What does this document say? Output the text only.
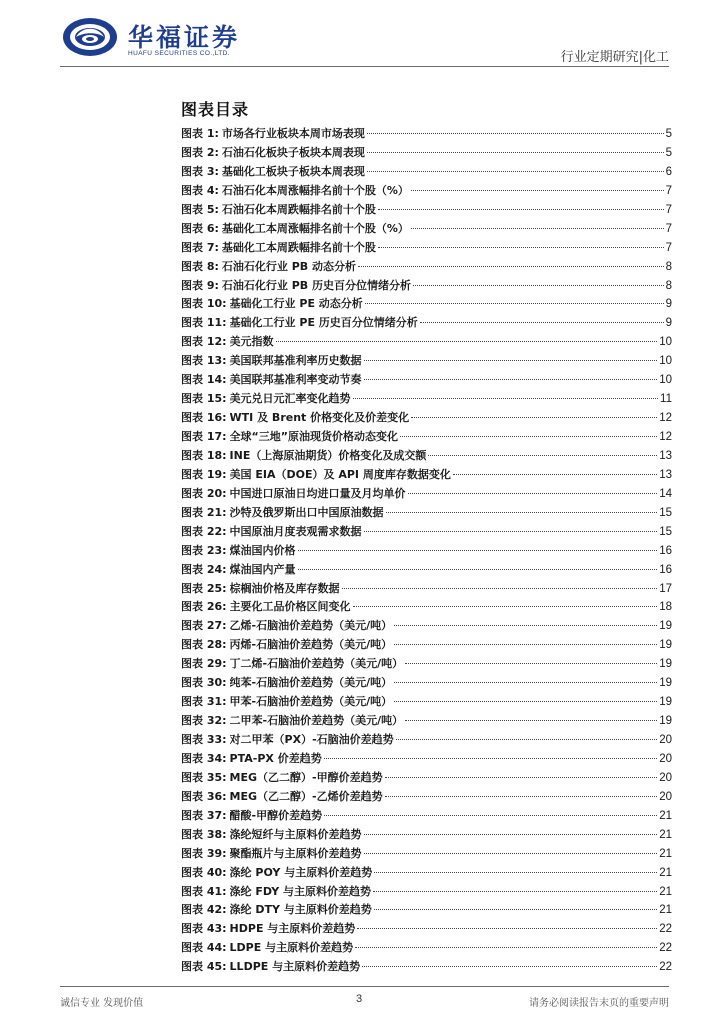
华福证券
HUAFU SECURITIES CO.,LTD.	行业定期研究|化工
图表目录
图表 1: 市场各行业板块本周市场表现	5
图表 2: 石油石化板块子板块本周表现	5
图表 3: 基础化工板块子板块本周表现	6
图表 4: 石油石化本周涨幅排名前十个股（%）	7
图表 5: 石油石化本周跌幅排名前十个股	7
图表 6: 基础化工本周涨幅排名前十个股（%）	7
图表 7: 基础化工本周跌幅排名前十个股	7
图表 8: 石油石化行业 PB 动态分析	8
图表 9: 石油石化行业 PB 历史百分位情绪分析	8
图表 10: 基础化工行业 PE 动态分析	9
图表 11: 基础化工行业 PE 历史百分位情绪分析	9
图表 12: 美元指数	10
图表 13: 美国联邦基准利率历史数据	10
图表 14: 美国联邦基准利率变动节奏	10
图表 15: 美元兑日元汇率变化趋势	11
图表 16: WTI 及 Brent 价格变化及价差变化	12
图表 17: 全球“三地”原油现货价格动态变化	12
图表 18: INE（上海原油期货）价格变化及成交额	13
图表 19: 美国 EIA（DOE）及 API 周度库存数据变化	13
图表 20: 中国进口原油日均进口量及月均单价	14
图表 21: 沙特及俄罗斯出口中国原油数据	15
图表 22: 中国原油月度表观需求数据	15
图表 23: 煤油国内价格	16
图表 24: 煤油国内产量	16
图表 25: 棕榈油价格及库存数据	17
图表 26: 主要化工品价格区间变化	18
图表 27: 乙烯-石脑油价差趋势（美元/吨）	19
图表 28: 丙烯-石脑油价差趋势（美元/吨）	19
图表 29: 丁二烯-石脑油价差趋势（美元/吨）	19
图表 30: 纯苯-石脑油价差趋势（美元/吨）	19
图表 31: 甲苯-石脑油价差趋势（美元/吨）	19
图表 32: 二甲苯-石脑油价差趋势（美元/吨）	19
图表 33: 对二甲苯（PX）-石脑油价差趋势	20
图表 34: PTA-PX 价差趋势	20
图表 35: MEG（乙二醇）-甲醇价差趋势	20
图表 36: MEG（乙二醇）-乙烯价差趋势	20
图表 37: 醋酸-甲醇价差趋势	21
图表 38: 涤纶短纤与主原料价差趋势	21
图表 39: 聚酯瓶片与主原料价差趋势	21
图表 40: 涤纶 POY 与主原料价差趋势	21
图表 41: 涤纶 FDY 与主原料价差趋势	21
图表 42: 涤纶 DTY 与主原料价差趋势	21
图表 43: HDPE 与主原料价差趋势	22
图表 44: LDPE 与主原料价差趋势	22
图表 45: LLDPE 与主原料价差趋势	22
诚信专业 发现价值	3	请务必阅读报告末页的重要声明
